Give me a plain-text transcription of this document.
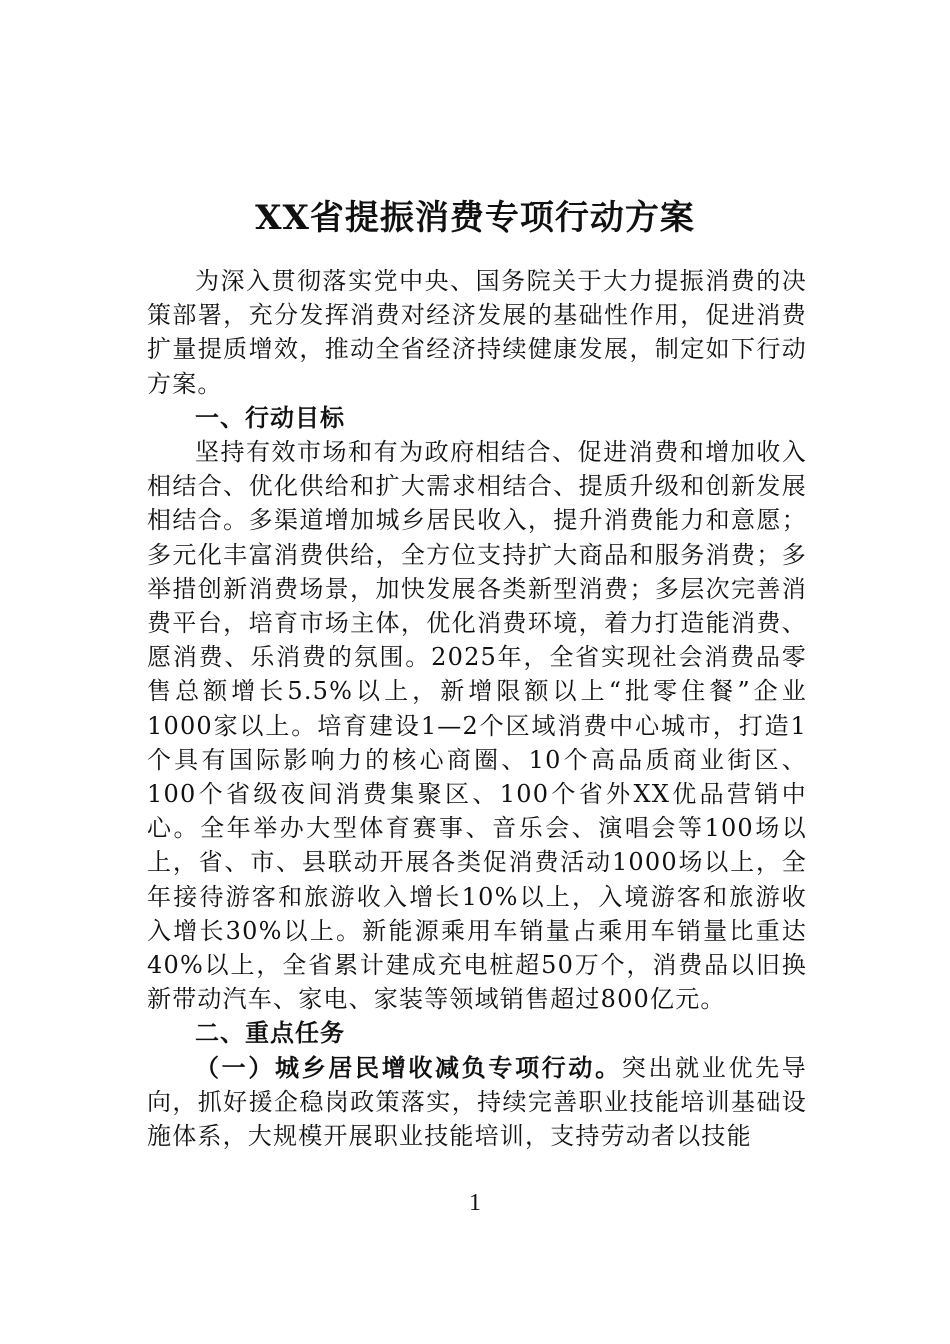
XX省提振消费专项行动方案

为深入贯彻落实党中央、国务院关于大力提振消费的决策部署，充分发挥消费对经济发展的基础性作用，促进消费扩量提质增效，推动全省经济持续健康发展，制定如下行动方案。

一、行动目标

坚持有效市场和有为政府相结合、促进消费和增加收入相结合、优化供给和扩大需求相结合、提质升级和创新发展相结合。多渠道增加城乡居民收入，提升消费能力和意愿；多元化丰富消费供给，全方位支持扩大商品和服务消费；多举措创新消费场景，加快发展各类新型消费；多层次完善消费平台，培育市场主体，优化消费环境，着力打造能消费、愿消费、乐消费的氛围。2025年，全省实现社会消费品零售总额增长5.5%以上，新增限额以上“批零住餐”企业1000家以上。培育建设1—2个区域消费中心城市，打造1个具有国际影响力的核心商圈、10个高品质商业街区、100个省级夜间消费集聚区、100个省外XX优品营销中心。全年举办大型体育赛事、音乐会、演唱会等100场以上，省、市、县联动开展各类促消费活动1000场以上，全年接待游客和旅游收入增长10%以上，入境游客和旅游收入增长30%以上。新能源乘用车销量占乘用车销量比重达40%以上，全省累计建成充电桩超50万个，消费品以旧换新带动汽车、家电、家装等领域销售超过800亿元。

二、重点任务

（一）城乡居民增收减负专项行动。突出就业优先导向，抓好援企稳岗政策落实，持续完善职业技能培训基础设施体系，大规模开展职业技能培训，支持劳动者以技能

1
